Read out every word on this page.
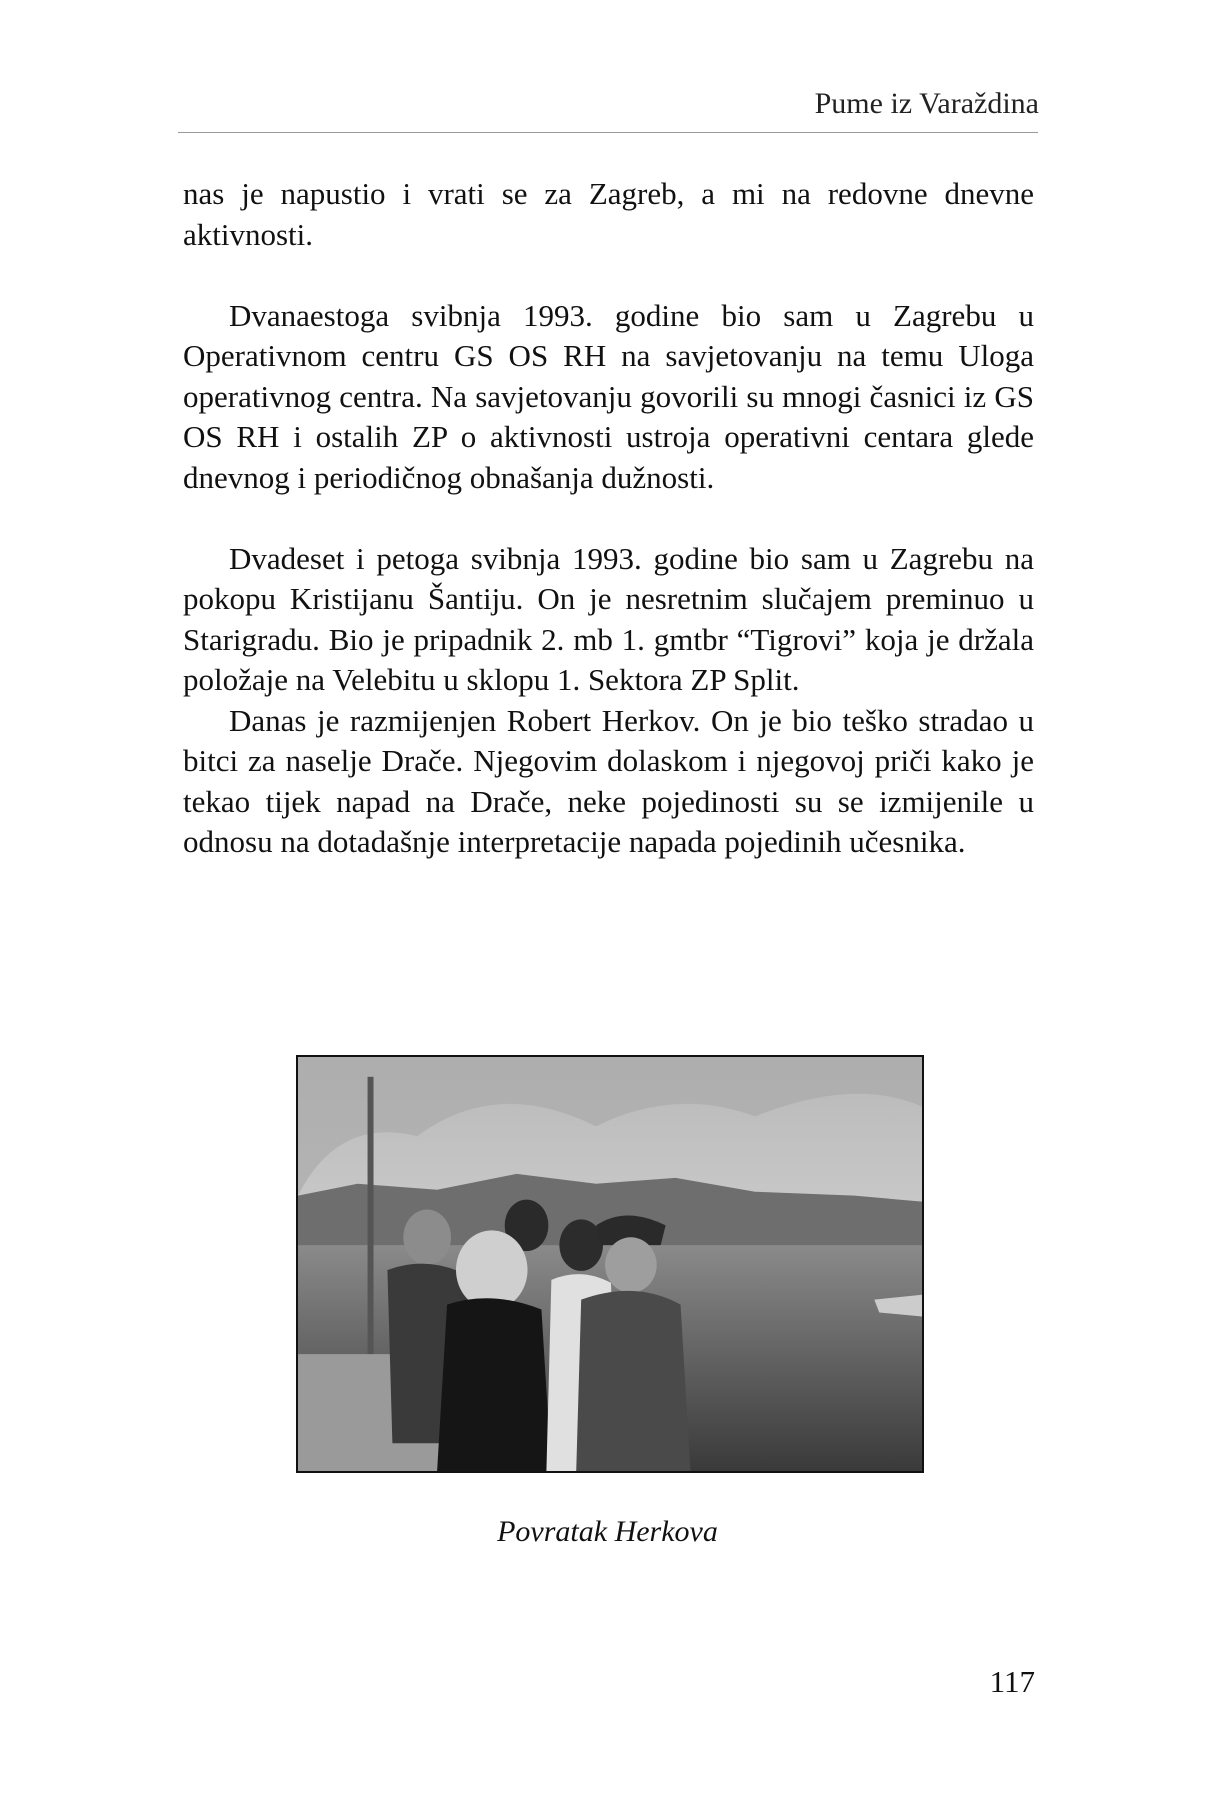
Pume iz Varaždina

nas je napustio i vrati se za Zagreb, a mi na redovne dnevne aktivnosti.

Dvanaestoga svibnja 1993. godine bio sam u Zagrebu u Operativnom centru GS OS RH na savjetovanju na temu Uloga operativnog centra. Na savjetovanju govorili su mnogi časnici iz GS OS RH i ostalih ZP o aktivnosti ustroja operativni centara glede dnevnog i periodičnog obnašanja dužnosti.

Dvadeset i petoga svibnja 1993. godine bio sam u Zagrebu na pokopu Kristijanu Šantiju. On je nesretnim slučajem preminuo u Starigradu. Bio je pripadnik 2. mb 1. gmtbr “Tigrovi” koja je držala položaje na Velebitu u sklopu 1. Sektora ZP Split.

Danas je razmijenjen Robert Herkov. On je bio teško stradao u bitci za naselje Drače. Njegovim dolaskom i njegovoj priči kako je tekao tijek napad na Drače, neke pojedinosti su se izmijenile u odnosu na dotadašnje interpretacije napada pojedinih učesnika.

Povratak Herkova
117
